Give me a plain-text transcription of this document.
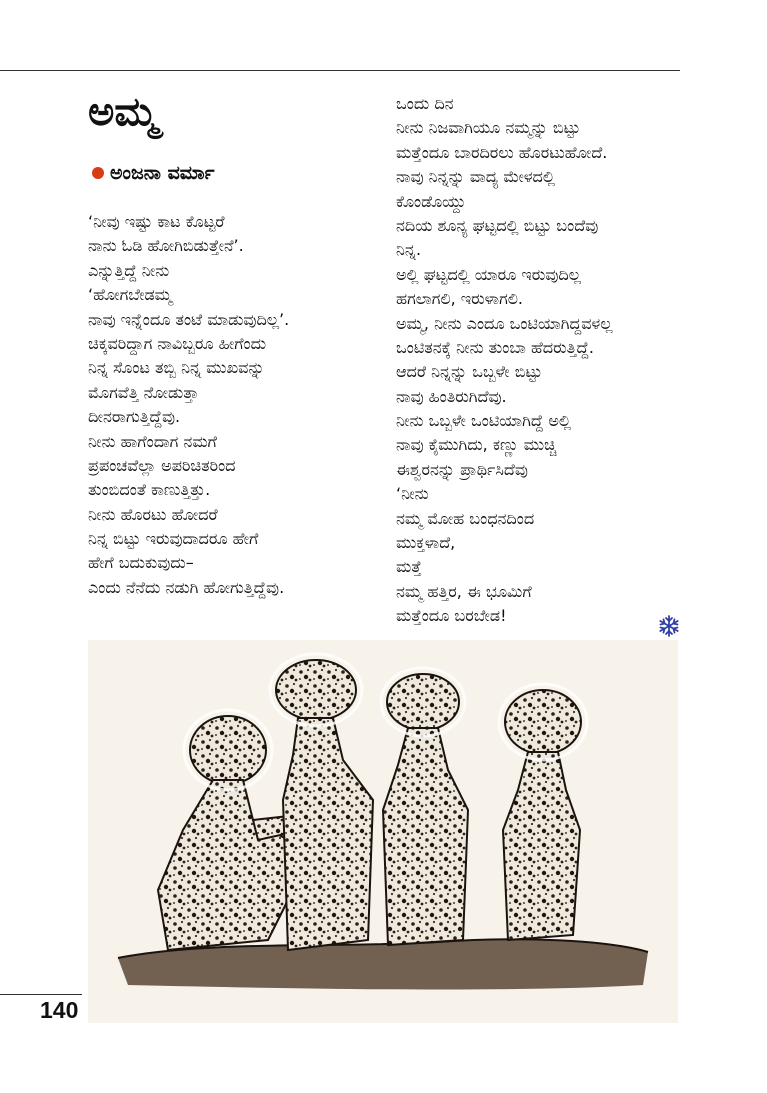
ಅಮ್ಮ
ಅಂಜನಾ ವರ್ಮಾ
‘ನೀವು ಇಷ್ಟು ಕಾಟ ಕೊಟ್ಟರೆ
ನಾನು ಓಡಿ ಹೋಗಿಬಿಡುತ್ತೇನೆ’.
ಎನ್ನುತ್ತಿದ್ದೆ ನೀನು
‘ಹೋಗಬೇಡಮ್ಮ
ನಾವು ಇನ್ನೆಂದೂ ತಂಟೆ ಮಾಡುವುದಿಲ್ಲ’.
ಚಿಕ್ಕವರಿದ್ದಾಗ ನಾವಿಬ್ಬರೂ ಹೀಗೆಂದು
ನಿನ್ನ ಸೊಂಟ ತಬ್ಬಿ ನಿನ್ನ ಮುಖವನ್ನು
ಮೊಗವೆತ್ತಿ ನೋಡುತ್ತಾ
ದೀನರಾಗುತ್ತಿದ್ದೆವು.
ನೀನು ಹಾಗೆಂದಾಗ ನಮಗೆ
ಪ್ರಪಂಚವೆಲ್ಲಾ ಅಪರಿಚಿತರಿಂದ
ತುಂಬಿದಂತೆ ಕಾಣುತ್ತಿತ್ತು.
ನೀನು ಹೊರಟು ಹೋದರೆ
ನಿನ್ನ ಬಿಟ್ಟು ಇರುವುದಾದರೂ ಹೇಗೆ
ಹೇಗೆ ಬದುಕುವುದು–
ಎಂದು ನೆನೆದು ನಡುಗಿ ಹೋಗುತ್ತಿದ್ದೆವು.
ಒಂದು ದಿನ
ನೀನು ನಿಜವಾಗಿಯೂ ನಮ್ಮನ್ನು ಬಿಟ್ಟು
ಮತ್ತೆಂದೂ ಬಾರದಿರಲು ಹೊರಟುಹೋದೆ.
ನಾವು ನಿನ್ನನ್ನು ವಾದ್ಯ ಮೇಳದಲ್ಲಿ
ಕೊಂಡೊಯ್ದು
ನದಿಯ ಶೂನ್ಯ ಘಟ್ಟದಲ್ಲಿ ಬಿಟ್ಟು ಬಂದೆವು
ನಿನ್ನ.
ಅಲ್ಲಿ ಘಟ್ಟದಲ್ಲಿ ಯಾರೂ ಇರುವುದಿಲ್ಲ
ಹಗಲಾಗಲಿ, ಇರುಳಾಗಲಿ.
ಅಮ್ಮ, ನೀನು ಎಂದೂ ಒಂಟಿಯಾಗಿದ್ದವಳಲ್ಲ
ಒಂಟಿತನಕ್ಕೆ ನೀನು ತುಂಬಾ ಹೆದರುತ್ತಿದ್ದೆ.
ಆದರೆ ನಿನ್ನನ್ನು ಒಬ್ಬಳೇ ಬಿಟ್ಟು
ನಾವು ಹಿಂತಿರುಗಿದೆವು.
ನೀನು ಒಬ್ಬಳೇ ಒಂಟಿಯಾಗಿದ್ದೆ ಅಲ್ಲಿ
ನಾವು ಕೈಮುಗಿದು, ಕಣ್ಣು ಮುಚ್ಚಿ
ಈಶ್ವರನನ್ನು ಪ್ರಾರ್ಥಿಸಿದೆವು
‘ನೀನು
ನಮ್ಮ ಮೋಹ ಬಂಧನದಿಂದ
ಮುಕ್ತಳಾದೆ,
ಮತ್ತೆ
ನಮ್ಮ ಹತ್ತಿರ, ಈ ಭೂಮಿಗೆ
ಮತ್ತೆಂದೂ ಬರಬೇಡ!
140
